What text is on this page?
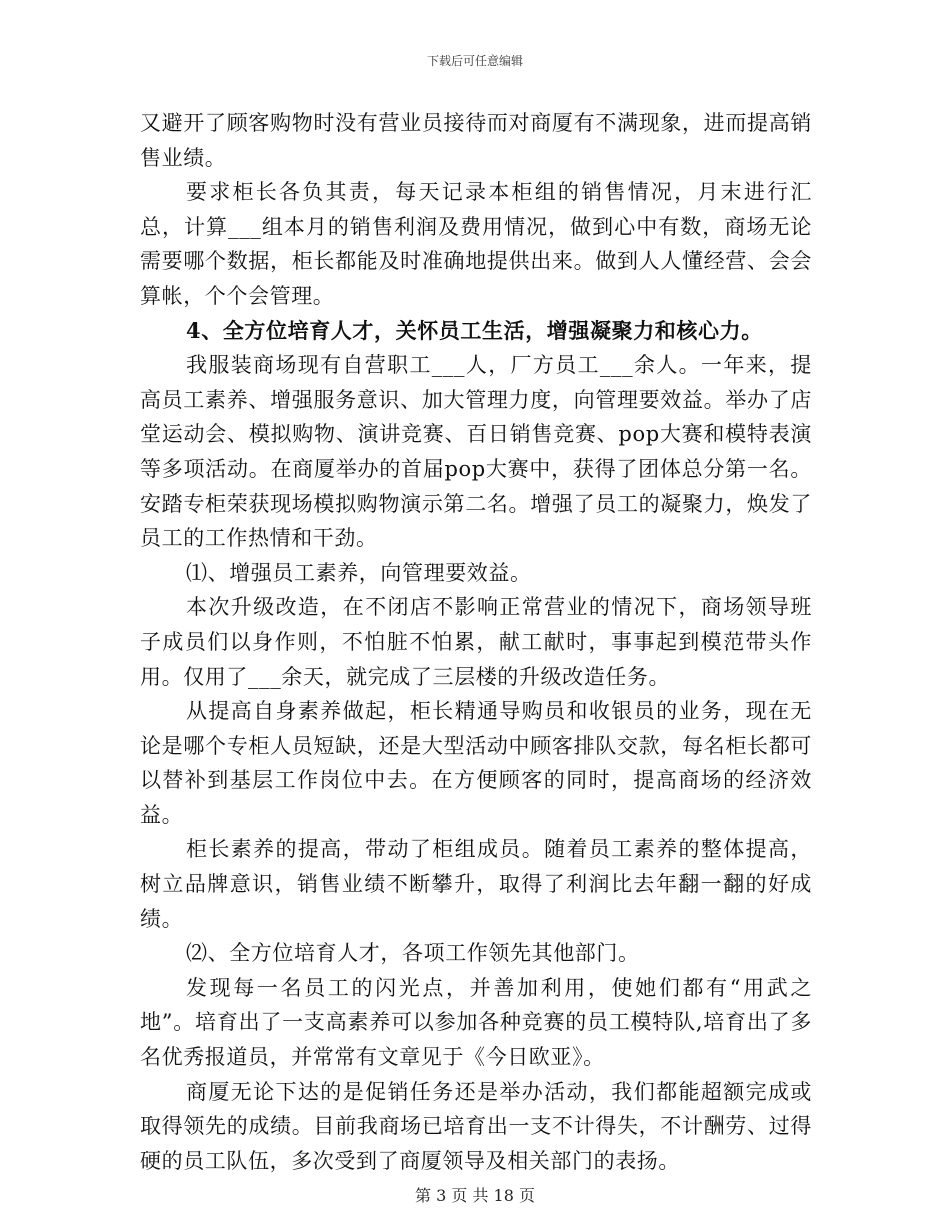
下载后可任意编辑

又避开了顾客购物时没有营业员接待而对商厦有不满现象，进而提高销售业绩。

要求柜长各负其责，每天记录本柜组的销售情况，月末进行汇总，计算___组本月的销售利润及费用情况，做到心中有数，商场无论需要哪个数据，柜长都能及时准确地提供出来。做到人人懂经营、会会算帐，个个会管理。

4、全方位培育人才，关怀员工生活，增强凝聚力和核心力。

我服装商场现有自营职工___人，厂方员工___余人。一年来，提高员工素养、增强服务意识、加大管理力度，向管理要效益。举办了店堂运动会、模拟购物、演讲竞赛、百日销售竞赛、pop大赛和模特表演等多项活动。在商厦举办的首届pop大赛中，获得了团体总分第一名。安踏专柜荣获现场模拟购物演示第二名。增强了员工的凝聚力，焕发了员工的工作热情和干劲。

⑴、增强员工素养，向管理要效益。

本次升级改造，在不闭店不影响正常营业的情况下，商场领导班子成员们以身作则，不怕脏不怕累，献工献时，事事起到模范带头作用。仅用了___余天，就完成了三层楼的升级改造任务。

从提高自身素养做起，柜长精通导购员和收银员的业务，现在无论是哪个专柜人员短缺，还是大型活动中顾客排队交款，每名柜长都可以替补到基层工作岗位中去。在方便顾客的同时，提高商场的经济效益。

柜长素养的提高，带动了柜组成员。随着员工素养的整体提高，树立品牌意识，销售业绩不断攀升，取得了利润比去年翻一翻的好成绩。

⑵、全方位培育人才，各项工作领先其他部门。

发现每一名员工的闪光点，并善加利用，使她们都有“用武之地”。培育出了一支高素养可以参加各种竞赛的员工模特队,培育出了多名优秀报道员，并常常有文章见于《今日欧亚》。

商厦无论下达的是促销任务还是举办活动，我们都能超额完成或取得领先的成绩。目前我商场已培育出一支不计得失，不计酬劳、过得硬的员工队伍，多次受到了商厦领导及相关部门的表扬。

第 3 页 共 18 页
